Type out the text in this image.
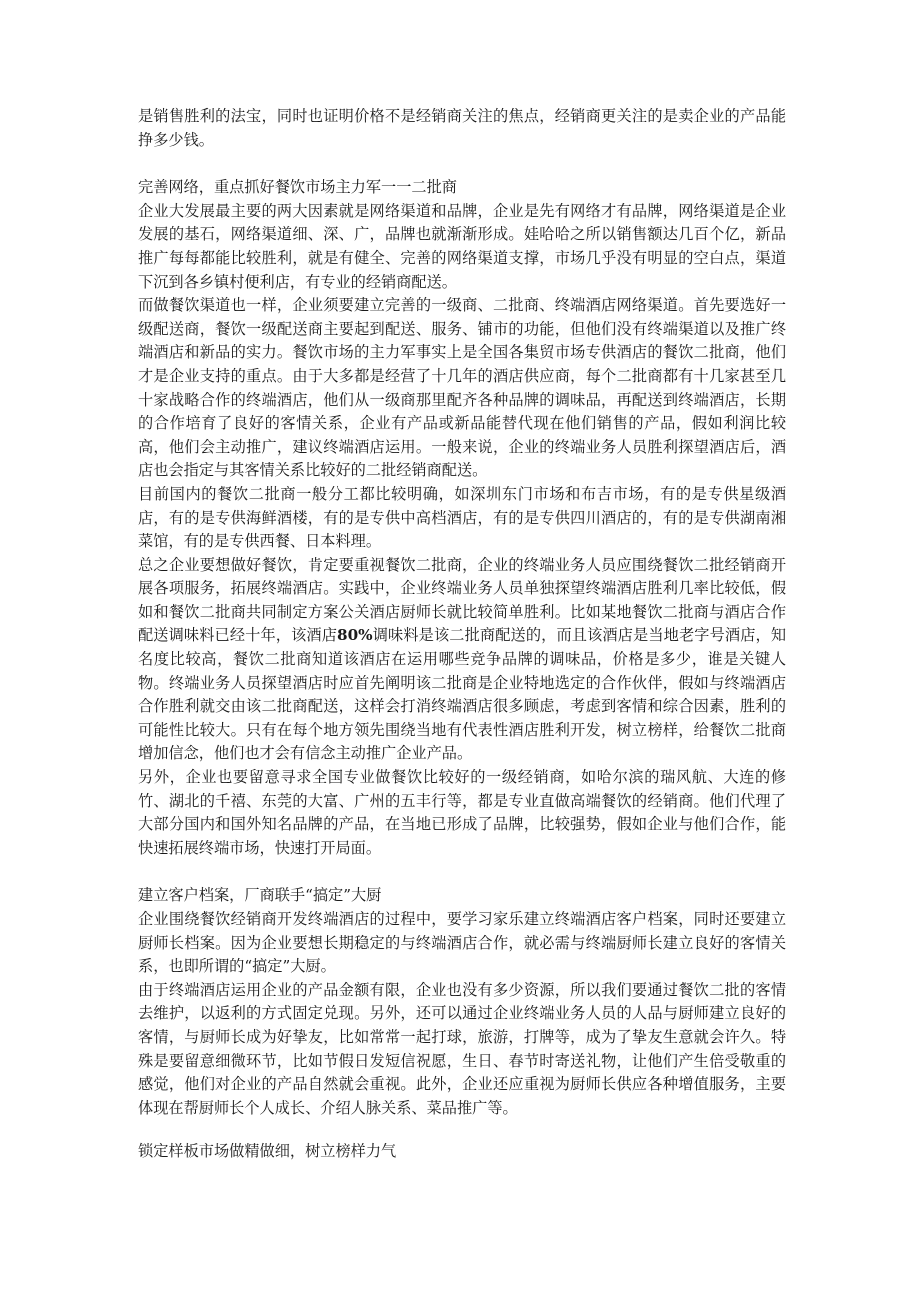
是销售胜利的法宝，同时也证明价格不是经销商关注的焦点，经销商更关注的是卖企业的产品能挣多少钱。

完善网络，重点抓好餐饮市场主力军一一二批商

企业大发展最主要的两大因素就是网络渠道和品牌，企业是先有网络才有品牌，网络渠道是企业发展的基石，网络渠道细、深、广，品牌也就渐渐形成。娃哈哈之所以销售额达几百个亿，新品推广每每都能比较胜利，就是有健全、完善的网络渠道支撑，市场几乎没有明显的空白点，渠道下沉到各乡镇村便利店，有专业的经销商配送。

而做餐饮渠道也一样，企业须要建立完善的一级商、二批商、终端酒店网络渠道。首先要选好一级配送商，餐饮一级配送商主要起到配送、服务、铺市的功能，但他们没有终端渠道以及推广终端酒店和新品的实力。餐饮市场的主力军事实上是全国各集贸市场专供酒店的餐饮二批商，他们才是企业支持的重点。由于大多都是经营了十几年的酒店供应商，每个二批商都有十几家甚至几十家战略合作的终端酒店，他们从一级商那里配齐各种品牌的调味品，再配送到终端酒店，长期的合作培育了良好的客情关系，企业有产品或新品能替代现在他们销售的产品，假如利润比较高，他们会主动推广，建议终端酒店运用。一般来说，企业的终端业务人员胜利探望酒店后，酒店也会指定与其客情关系比较好的二批经销商配送。

目前国内的餐饮二批商一般分工都比较明确，如深圳东门市场和布吉市场，有的是专供星级酒店，有的是专供海鲜酒楼，有的是专供中高档酒店，有的是专供四川酒店的，有的是专供湖南湘菜馆，有的是专供西餐、日本料理。

总之企业要想做好餐饮，肯定要重视餐饮二批商，企业的终端业务人员应围绕餐饮二批经销商开展各项服务，拓展终端酒店。实践中，企业终端业务人员单独探望终端酒店胜利几率比较低，假如和餐饮二批商共同制定方案公关酒店厨师长就比较简单胜利。比如某地餐饮二批商与酒店合作配送调味料已经十年，该酒店80%调味料是该二批商配送的，而且该酒店是当地老字号酒店，知名度比较高，餐饮二批商知道该酒店在运用哪些竞争品牌的调味品，价格是多少，谁是关键人物。终端业务人员探望酒店时应首先阐明该二批商是企业特地选定的合作伙伴，假如与终端酒店合作胜利就交由该二批商配送，这样会打消终端酒店很多顾虑，考虑到客情和综合因素，胜利的可能性比较大。只有在每个地方领先围绕当地有代表性酒店胜利开发，树立榜样，给餐饮二批商增加信念，他们也才会有信念主动推广企业产品。

另外，企业也要留意寻求全国专业做餐饮比较好的一级经销商，如哈尔滨的瑞风航、大连的修竹、湖北的千禧、东莞的大富、广州的五丰行等，都是专业直做高端餐饮的经销商。他们代理了大部分国内和国外知名品牌的产品，在当地已形成了品牌，比较强势，假如企业与他们合作，能快速拓展终端市场，快速打开局面。

建立客户档案，厂商联手“搞定”大厨

企业围绕餐饮经销商开发终端酒店的过程中，要学习家乐建立终端酒店客户档案，同时还要建立厨师长档案。因为企业要想长期稳定的与终端酒店合作，就必需与终端厨师长建立良好的客情关系，也即所谓的“搞定”大厨。

由于终端酒店运用企业的产品金额有限，企业也没有多少资源，所以我们要通过餐饮二批的客情去维护，以返利的方式固定兑现。另外，还可以通过企业终端业务人员的人品与厨师建立良好的客情，与厨师长成为好挚友，比如常常一起打球，旅游，打牌等，成为了挚友生意就会许久。特殊是要留意细微环节，比如节假日发短信祝愿，生日、春节时寄送礼物，让他们产生倍受敬重的感觉，他们对企业的产品自然就会重视。此外，企业还应重视为厨师长供应各种增值服务，主要体现在帮厨师长个人成长、介绍人脉关系、菜品推广等。

锁定样板市场做精做细，树立榜样力气
